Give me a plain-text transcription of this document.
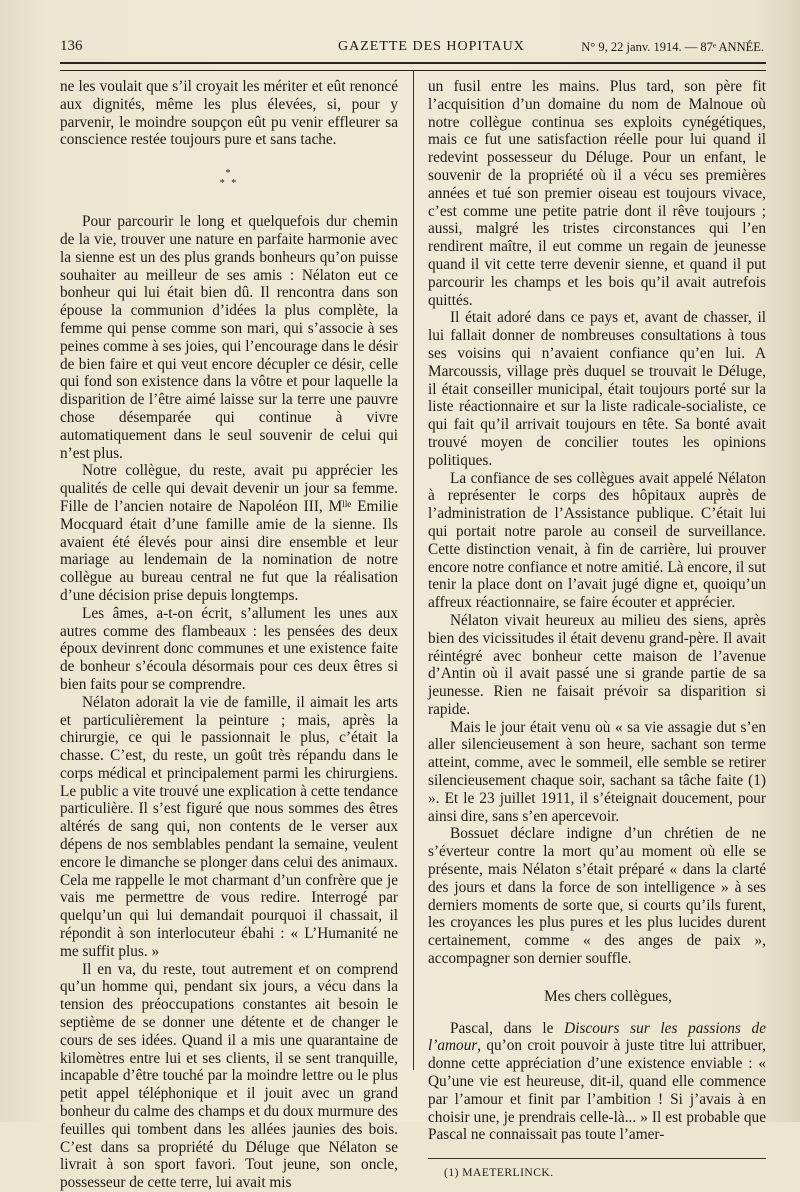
136	GAZETTE DES HOPITAUX	N° 9, 22 janv. 1914. — 87ᵉ ANNÉE.

ne les voulait que s’il croyait les mériter et eût renoncé aux dignités, même les plus élevées, si, pour y parvenir, le moindre soupçon eût pu venir effleurer sa conscience restée toujours pure et sans tache.

*
* *

Pour parcourir le long et quelquefois dur chemin de la vie, trouver une nature en parfaite harmonie avec la sienne est un des plus grands bonheurs qu’on puisse souhaiter au meilleur de ses amis : Nélaton eut ce bonheur qui lui était bien dû. Il rencontra dans son épouse la communion d’idées la plus complète, la femme qui pense comme son mari, qui s’associe à ses peines comme à ses joies, qui l’encourage dans le désir de bien faire et qui veut encore décupler ce désir, celle qui fond son existence dans la vôtre et pour laquelle la disparition de l’être aimé laisse sur la terre une pauvre chose désemparée qui continue à vivre automatiquement dans le seul souvenir de celui qui n’est plus.

Notre collègue, du reste, avait pu apprécier les qualités de celle qui devait devenir un jour sa femme. Fille de l’ancien notaire de Napoléon III, Mˡˡᵉ Emilie Mocquard était d’une famille amie de la sienne. Ils avaient été élevés pour ainsi dire ensemble et leur mariage au lendemain de la nomination de notre collègue au bureau central ne fut que la réalisation d’une décision prise depuis longtemps.

Les âmes, a-t-on écrit, s’allument les unes aux autres comme des flambeaux : les pensées des deux époux devinrent donc communes et une existence faite de bonheur s’écoula désormais pour ces deux êtres si bien faits pour se comprendre.

Nélaton adorait la vie de famille, il aimait les arts et particulièrement la peinture ; mais, après la chirurgie, ce qui le passionnait le plus, c’était la chasse. C’est, du reste, un goût très répandu dans le corps médical et principalement parmi les chirurgiens. Le public a vite trouvé une explication à cette tendance particulière. Il s’est figuré que nous sommes des êtres altérés de sang qui, non contents de le verser aux dépens de nos semblables pendant la semaine, veulent encore le dimanche se plonger dans celui des animaux. Cela me rappelle le mot charmant d’un confrère que je vais me permettre de vous redire. Interrogé par quelqu’un qui lui demandait pourquoi il chassait, il répondit à son interlocuteur ébahi : « L’Humanité ne me suffit plus. »

Il en va, du reste, tout autrement et on comprend qu’un homme qui, pendant six jours, a vécu dans la tension des préoccupations constantes ait besoin le septième de se donner une détente et de changer le cours de ses idées. Quand il a mis une quarantaine de kilomètres entre lui et ses clients, il se sent tranquille, incapable d’être touché par la moindre lettre ou le plus petit appel téléphonique et il jouit avec un grand bonheur du calme des champs et du doux murmure des feuilles qui tombent dans les allées jaunies des bois. C’est dans sa propriété du Déluge que Nélaton se livrait à son sport favori. Tout jeune, son oncle, possesseur de cette terre, lui avait mis

un fusil entre les mains. Plus tard, son père fit l’acquisition d’un domaine du nom de Malnoue où notre collègue continua ses exploits cynégétiques, mais ce fut une satisfaction réelle pour lui quand il redevint possesseur du Déluge. Pour un enfant, le souvenir de la propriété où il a vécu ses premières années et tué son premier oiseau est toujours vivace, c’est comme une petite patrie dont il rêve toujours ; aussi, malgré les tristes circonstances qui l’en rendirent maître, il eut comme un regain de jeunesse quand il vit cette terre devenir sienne, et quand il put parcourir les champs et les bois qu’il avait autrefois quittés.

Il était adoré dans ce pays et, avant de chasser, il lui fallait donner de nombreuses consultations à tous ses voisins qui n’avaient confiance qu’en lui. A Marcoussis, village près duquel se trouvait le Déluge, il était conseiller municipal, était toujours porté sur la liste réactionnaire et sur la liste radicale-socialiste, ce qui fait qu’il arrivait toujours en tête. Sa bonté avait trouvé moyen de concilier toutes les opinions politiques.

La confiance de ses collègues avait appelé Nélaton à représenter le corps des hôpitaux auprès de l’administration de l’Assistance publique. C’était lui qui portait notre parole au conseil de surveillance. Cette distinction venait, à fin de carrière, lui prouver encore notre confiance et notre amitié. Là encore, il sut tenir la place dont on l’avait jugé digne et, quoiqu’un affreux réactionnaire, se faire écouter et apprécier.

Nélaton vivait heureux au milieu des siens, après bien des vicissitudes il était devenu grand-père. Il avait réintégré avec bonheur cette maison de l’avenue d’Antin où il avait passé une si grande partie de sa jeunesse. Rien ne faisait prévoir sa disparition si rapide.

Mais le jour était venu où « sa vie assagie dut s’en aller silencieusement à son heure, sachant son terme atteint, comme, avec le sommeil, elle semble se retirer silencieusement chaque soir, sachant sa tâche faite (1) ». Et le 23 juillet 1911, il s’éteignait doucement, pour ainsi dire, sans s’en apercevoir.

Bossuet déclare indigne d’un chrétien de ne s’éverteur contre la mort qu’au moment où elle se présente, mais Nélaton s’était préparé « dans la clarté des jours et dans la force de son intelligence » à ses derniers moments de sorte que, si courts qu’ils furent, les croyances les plus pures et les plus lucides durent certainement, comme « des anges de paix », accompagner son dernier souffle.

Mes chers collègues,

Pascal, dans le Discours sur les passions de l’amour, qu’on croit pouvoir à juste titre lui attribuer, donne cette appréciation d’une existence enviable : « Qu’une vie est heureuse, dit-il, quand elle commence par l’amour et finit par l’ambition ! Si j’avais à en choisir une, je prendrais celle-là... » Il est probable que Pascal ne connaissait pas toute l’amer-

(1) MAETERLINCK.
